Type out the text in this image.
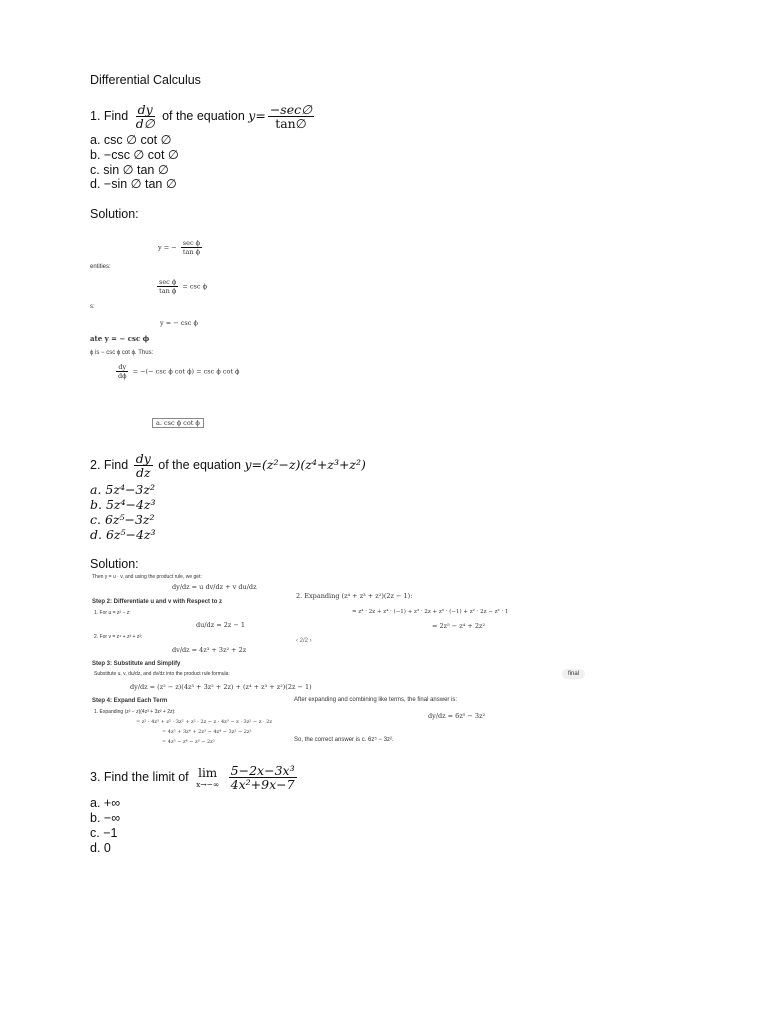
Differential Calculus
1. Find $\frac{dy}{d\emptyset}$ of the equation $y= \frac{-\sec\emptyset}{\tan\emptyset}$
a. csc ∅ cot ∅
b. −csc ∅ cot ∅
c. sin ∅ tan ∅
d. −sin ∅ tan ∅
Solution:
y = − $\frac{\text{sec ϕ}}{\text{tan ϕ}}$
entities:
$\frac{\text{sec ϕ}}{\text{tan ϕ}} = \csc \phi$
s:
y = − csc ϕ
ate y = − csc ϕ
ϕ is − csc ϕ cot ϕ. Thus:
$\frac{dy}{d\phi}$ = −(− csc ϕ cot ϕ) = csc ϕ cot ϕ
a. csc ϕ cot ϕ
2. Find $\frac{dy}{dz}$ of the equation y=(z²−z)(z⁴+z³+z²)
a. 5z⁴−3z²
b. 5z⁴−4z³
c. 6z⁵−3z²
d. 6z⁵−4z³
Solution:
Then y = u · v, and using the product rule, we get:
dy/dz = u dv/dz + v du/dz
Step 2: Differentiate u and v with Respect to z
1. For u = z² − z:
du/dz = 2z − 1
2. For v = z⁴ + z³ + z²:
dv/dz = 4z³ + 3z² + 2z
Step 3: Substitute and Simplify
Substitute u, v, du/dz, and dv/dz into the product rule formula:
dy/dz = (z² − z)(4z³ + 3z² + 2z) + (z⁴ + z³ + z²)(2z − 1)
Step 4: Expand Each Term
1. Expanding (z² − z)(4z³ + 3z² + 2z):
= z² · 4z³ + z² · 3z² + z² · 2z − z · 4z³ − z · 3z² − z · 2z
= 4z⁵ + 3z⁴ + 2z³ − 4z⁴ − 3z³ − 2z²
= 4z⁵ − z⁴ − z³ − 2z²
2. Expanding (z⁴ + z³ + z²)(2z − 1):
= z⁴ · 2z + z⁴ · (−1) + z³ · 2z + z³ · (−1) + z² · 2z − z² · 1
= 2z⁵ − z⁴ + 2z²
‹ 2/2 ›
final
After expanding and combining like terms, the final answer is:
dy/dz = 6z⁵ − 3z²
So, the correct answer is c. 6z⁵ − 3z².
3. Find the limit of lim
x→−∞
$\frac{\text{5−2x−3x³}}{\text{4x²+9x−7}}$
a. +∞
b. −∞
c. −1
d. 0
